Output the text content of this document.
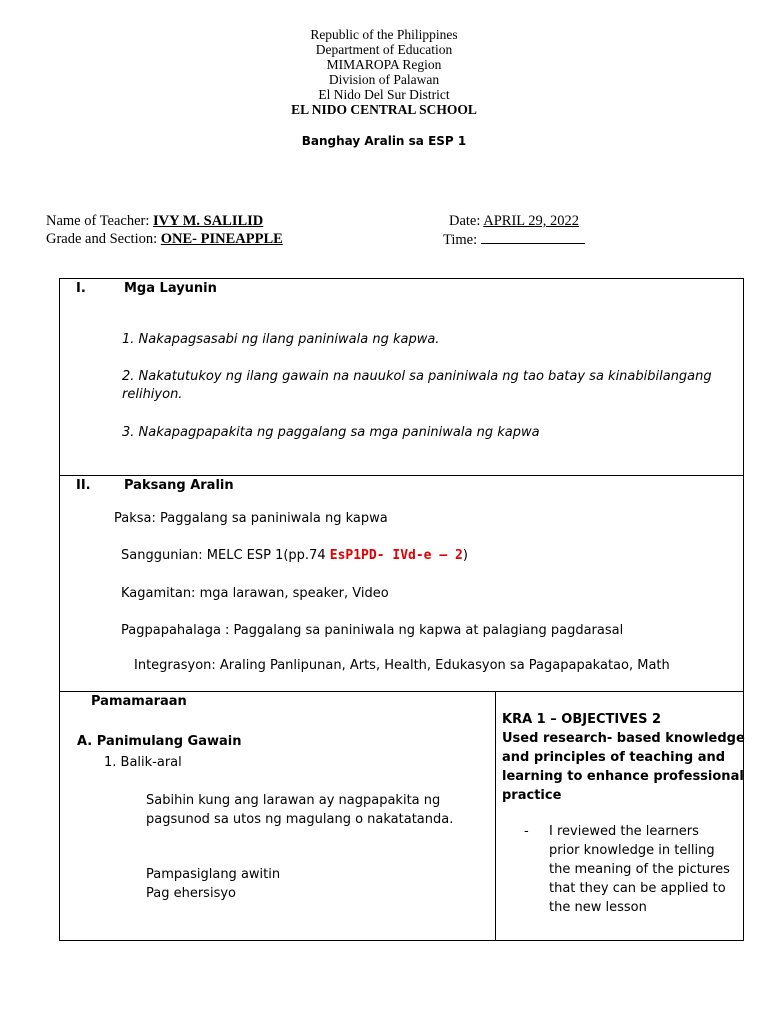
Republic of the Philippines
Department of Education
MIMAROPA Region
Division of Palawan
El Nido Del Sur District
EL NIDO CENTRAL SCHOOL
Banghay Aralin sa ESP 1
Name of Teacher: IVY M. SALILID
Grade and Section: ONE- PINEAPPLE
Date: APRIL 29, 2022
Time:
I.	Mga Layunin
1. Nakapagsasabi ng ilang paniniwala ng kapwa.
2. Nakatutukoy ng ilang gawain na nauukol sa paniniwala ng tao batay sa kinabibilangang
relihiyon.
3. Nakapagpapakita ng paggalang sa mga paniniwala ng kapwa
II.	Paksang Aralin
Paksa: Paggalang sa paniniwala ng kapwa
Sanggunian: MELC ESP 1(pp.74 EsP1PD- IVd-e – 2)
Kagamitan: mga larawan, speaker, Video
Pagpapahalaga : Paggalang sa paniniwala ng kapwa at palagiang pagdarasal
Integrasyon: Araling Panlipunan, Arts, Health, Edukasyon sa Pagapapakatao, Math
Pamamaraan
A. Panimulang Gawain
1. Balik-aral
Sabihin kung ang larawan ay nagpapakita ng
pagsunod sa utos ng magulang o nakatatanda.
Pampasiglang awitin
Pag ehersisyo
KRA 1 – OBJECTIVES 2
Used research- based knowledge
and principles of teaching and
learning to enhance professional
practice
- I reviewed the learners
prior knowledge in telling
the meaning of the pictures
that they can be applied to
the new lesson
